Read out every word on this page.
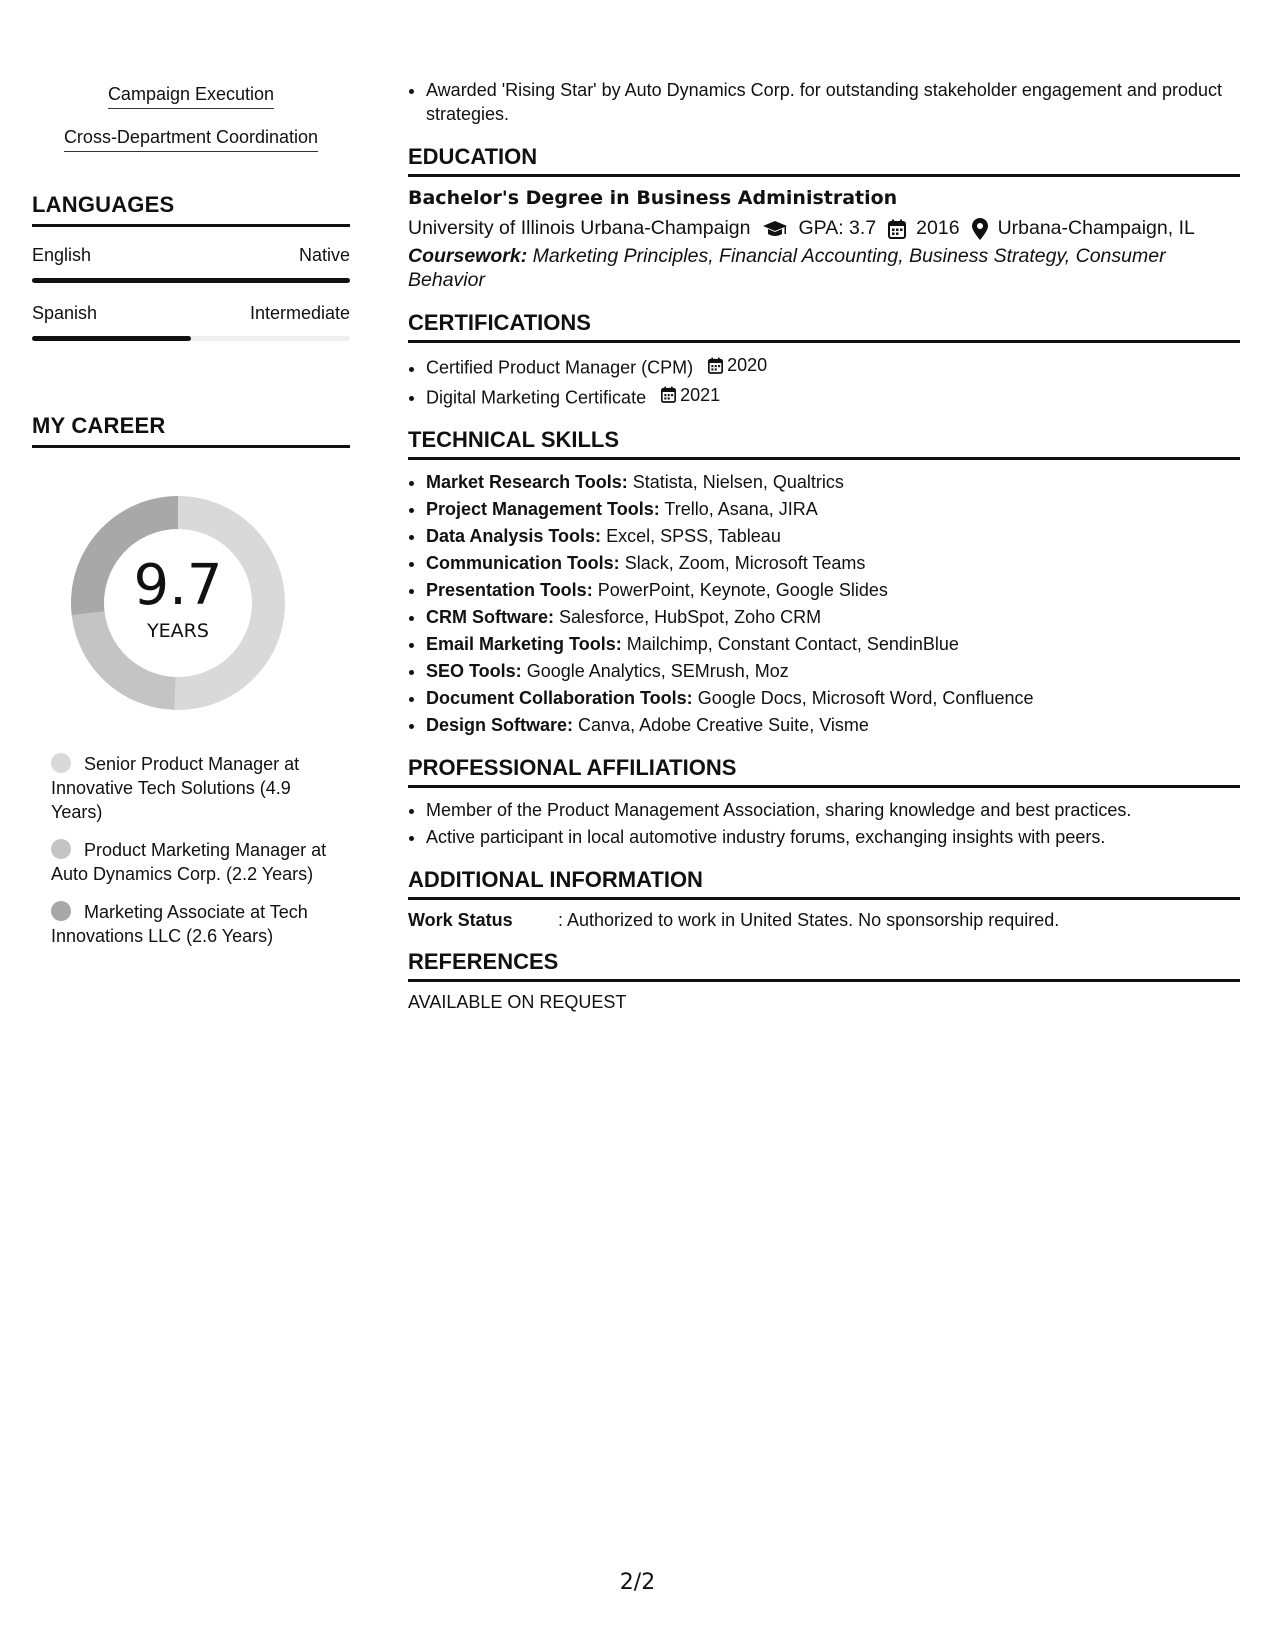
Campaign Execution
Cross-Department Coordination
LANGUAGES
English	Native
Spanish	Intermediate
MY CAREER
9.7
YEARS
Senior Product Manager at Innovative Tech Solutions (4.9 Years)
Product Marketing Manager at Auto Dynamics Corp. (2.2 Years)
Marketing Associate at Tech Innovations LLC (2.6 Years)
• Awarded 'Rising Star' by Auto Dynamics Corp. for outstanding stakeholder engagement and product strategies.
EDUCATION
Bachelor's Degree in Business Administration
University of Illinois Urbana-Champaign GPA: 3.7 2016 Urbana-Champaign, IL
Coursework: Marketing Principles, Financial Accounting, Business Strategy, Consumer Behavior
CERTIFICATIONS
• Certified Product Manager (CPM) 2020
• Digital Marketing Certificate 2021
TECHNICAL SKILLS
• Market Research Tools: Statista, Nielsen, Qualtrics
• Project Management Tools: Trello, Asana, JIRA
• Data Analysis Tools: Excel, SPSS, Tableau
• Communication Tools: Slack, Zoom, Microsoft Teams
• Presentation Tools: PowerPoint, Keynote, Google Slides
• CRM Software: Salesforce, HubSpot, Zoho CRM
• Email Marketing Tools: Mailchimp, Constant Contact, SendinBlue
• SEO Tools: Google Analytics, SEMrush, Moz
• Document Collaboration Tools: Google Docs, Microsoft Word, Confluence
• Design Software: Canva, Adobe Creative Suite, Visme
PROFESSIONAL AFFILIATIONS
• Member of the Product Management Association, sharing knowledge and best practices.
• Active participant in local automotive industry forums, exchanging insights with peers.
ADDITIONAL INFORMATION
Work Status	: Authorized to work in United States. No sponsorship required.
REFERENCES
AVAILABLE ON REQUEST
2/2
